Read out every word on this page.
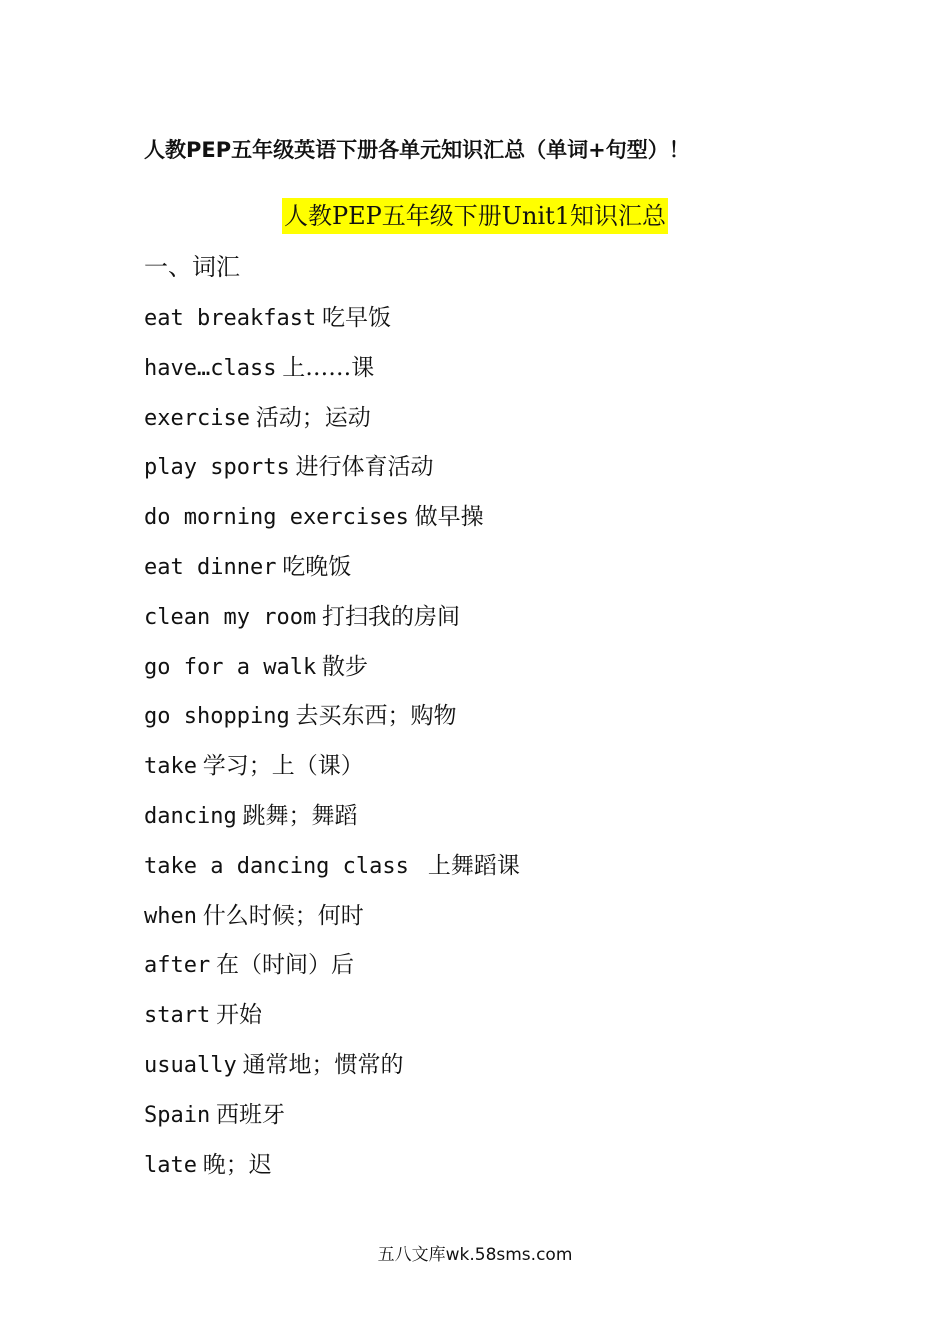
人教PEP五年级英语下册各单元知识汇总（单词+句型）！
人教PEP五年级下册Unit1知识汇总
一、词汇
eat breakfast 吃早饭
have…class 上……课
exercise 活动；运动
play sports 进行体育活动
do morning exercises 做早操
eat dinner 吃晚饭
clean my room 打扫我的房间
go for a walk 散步
go shopping 去买东西；购物
take 学习；上（课）
dancing 跳舞；舞蹈
take a dancing class  上舞蹈课
when 什么时候；何时
after 在（时间）后
start 开始
usually 通常地；惯常的
Spain 西班牙
late 晚；迟
五八文库wk.58sms.com
